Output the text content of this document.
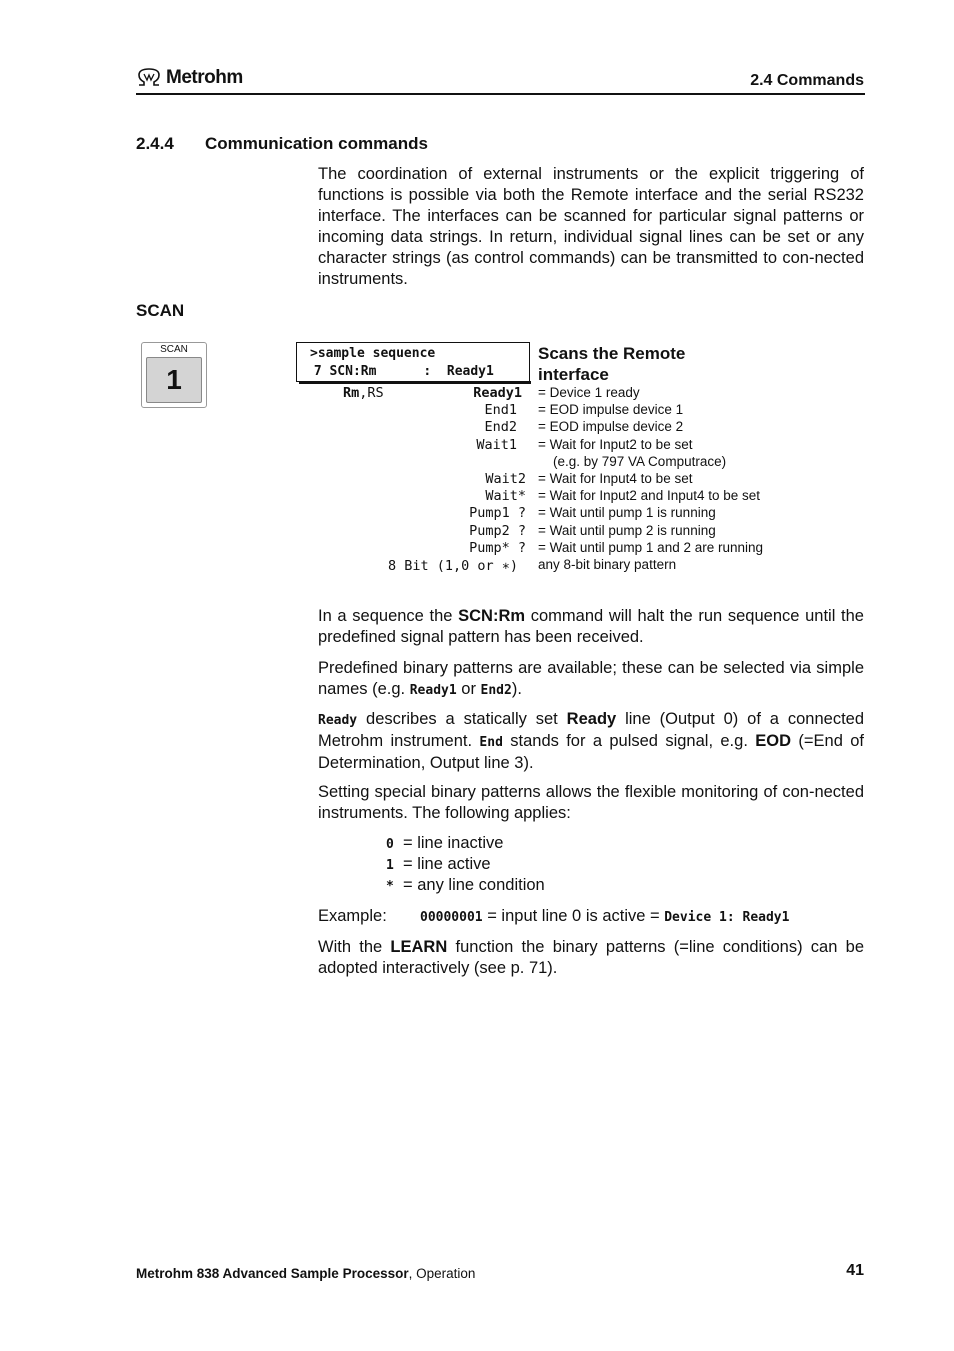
Metrohm	2.4 Commands
2.4.4 Communication commands

The coordination of external instruments or the explicit triggering of functions is possible via both the Remote interface and the serial RS232 interface. The interfaces can be scanned for particular signal patterns or incoming data strings. In return, individual signal lines can be set or any character strings (as control commands) can be transmitted to con-nected instruments.

SCAN
SCAN
1
>sample sequence
7 SCN:Rm      :  Ready1
Scans the Remote interface
Rm,RS	Ready1 = Device 1 ready
End1 = EOD impulse device 1
End2 = EOD impulse device 2
Wait1 = Wait for Input2 to be set
(e.g. by 797 VA Computrace)
Wait2 = Wait for Input4 to be set
Wait* = Wait for Input2 and Input4 to be set
Pump1 ? = Wait until pump 1 is running
Pump2 ? = Wait until pump 2 is running
Pump* ? = Wait until pump 1 and 2 are running
8 Bit (1,0 or ∗) any 8-bit binary pattern

In a sequence the SCN:Rm command will halt the run sequence until the predefined signal pattern has been received.

Predefined binary patterns are available; these can be selected via simple names (e.g. Ready1 or End2).

Ready describes a statically set Ready line (Output 0) of a connected Metrohm instrument. End stands for a pulsed signal, e.g. EOD (=End of Determination, Output line 3).

Setting special binary patterns allows the flexible monitoring of con-nected instruments. The following applies:

0 = line inactive
1 = line active
* = any line condition
Example:	00000001 = input line 0 is active = Device 1: Ready1

With the LEARN function the binary patterns (=line conditions) can be adopted interactively (see p. 71).

Metrohm 838 Advanced Sample Processor, Operation	41
